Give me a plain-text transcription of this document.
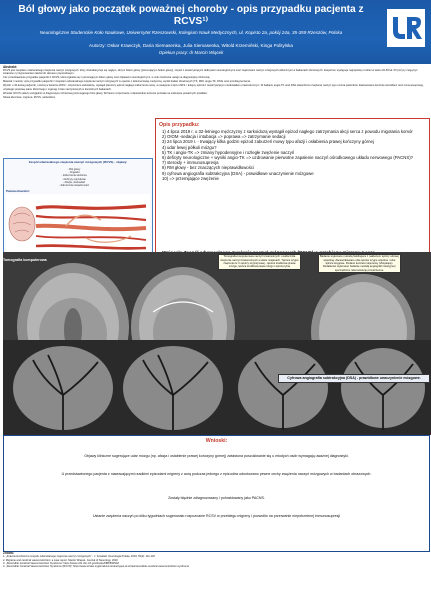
Ból głowy jako początek poważnej choroby - opis przypadku pacjenta z RCVS¹⁾
Neurologiczne Studenckie Koło Naukowe, Uniwersytet Rzeszowski, Kolegium Nauk Medycznych, ul. Kopisto 2a, pokój 24a, 35-359 Rzeszów, Polska
Autorzy: Oskar Krawczyk, Daria Siemasenka, Julia Siemasenka, Witold Krzemiński, Kinga Politylska
Opiekun pracy: dr Marcin Wiącek
Abstrakt:

RCVS jest zespołem odwracalnego zwężenia naczyń mózgowych, który charakteryzuje się nagłym, silnym bólem głowy (piorunującym bólem głowy), często z towarzyszącymi deficytami neurologicznymi oraz zwężeniami naczyń mózgowych widocznymi w badaniach obrazowych. Zespół ten występuje najczęściej u kobiet w wieku 20-50 lat. Przyczyny mogą być związane z przyjmowaniem leków lub okresem poporodowym.

Cel: przedstawienie przypadku pacjentki z RCVS, która zgłosiła się z piorunującym bólem głowy oraz objawami neurologicznymi, w celu zwrócenia uwagi na diagnostykę różnicową.

Materiał i metody: opis przypadku pacjentki z zespołem odwracalnego zwężenia naczyń mózgowych w oparciu o dokumentację medyczną, wyniki badań obrazowych (TK, MRI, angio-TK, DSA) oraz przebieg leczenia.

Wyniki: u 32-letniej pacjentki, u której w kwietniu 2019 r. rozpoznano sarkoidozę, wystąpił pierwszy epizod nagłego zaburzenia mowy, a następnie w lipcu 2019 r. kolejny epizod z towarzyszącym niedowładem prawostronnym. W badaniu angio-TK oraz DSA stwierdzono zwężenia naczyń typu sznura paciorków. Zastosowano leczenie steroidami oraz immunosupresją, uzyskując poprawę stanu klinicznego i regresję zmian naczyniowych w kontrolnych badaniach.

Wnioski: RCVS należy uwzględnić w diagnostyce różnicowej piorunującego bólu głowy. Wczesne rozpoznanie i odpowiednie leczenie pozwala na uniknięcie poważnych powikłań.

Słowa kluczowe: migrena, RCVS, sarkoidoza

Zespół odwracalnego zwężenia naczyń mózgowych (RCVS) - objawy:
- Ból głowy
- Drgawki
- Zaburzenia widzenia
- Deficyty ogniskowe
- Afazja, niedowład
- Zaburzenia świadomości
Patomechanizm:
Opis przypadku:
1) 4 lipca 2019 r. u 32-letniego mężczyzny z sarkoidozą wystąpił epizod nagłego zatrzymania akcji serca z powodu migotania komór
2) OIOM -sedacja i intubacja => poprawa => zatrzymanie sedacji
3) 24 lipca 2019 r. - trwający kilka godzin epizod zaburzeń mowy typu afazji i osłabienia prawej kończyny górnej
4) udar lewej półkuli mózgu?
5) TK i angio-TK => zmiany hypodensyjne i rozległe zwężenie naczyń
6) deficyty neurologiczne + wyniki angio-TK => uzdrowanie pierwotne zapalenie naczyń ośrodkowego układu nerwowego (PACNS)?
7) steroidy + immunosupresja
8) RM głowy - bez znaczących nieprawidłowości
9) cyfrowa angiografia subtrakcyjna (DSA) - prawidłowe unaczynienie mózgowe
10) => przemijające zwężenie
Tomografia komputerowa
Tomografia komputerowa naczyń krwionośnych: uwidoczniła zwężenie naczyń krwionośnych w wielu miejscach. Tętnice szyjne zwężenie kr in tętnicy szyjnej lewej - tętnica środkowa prawa mózgu, tętnica środkowa lewa mózgu i tętnica tylna
Badanie wykonano metodą Seldingera z nakłuciem tętnicy udowej wspólnej. Zacewnikowano obie tętnice szyjne wspólne i obie tętnice kręgowe. Podano kontrast niejonowy (Visipaque). Dodatkowo wykonano badanie metodą angiografii rotacyjnej i sporządzono rekonstrukcje przestrzenne.
Cyfrowa angiografia subtrakcyjna (DSA) - prawidłowe unaczynienie mózgowe.
Wnioski:

Objawy kliniczne sugerujące udar mózgu (np. afazja i osłabienie prawej kończyny górnej) zwiastuna poszukiwanie się u młodych osób wymagają uważnej diagnostyki.

U przedstawionego pacjenta z nawracającymi rzadkimi epizodami migreny z aurą podczas jednego z epizodów odnotowano pewne cechy zwężenia naczyń mózgowych w badaniach obrazowych.

Zostały błędnie zdiagnozowany i pohraktowany jako PACNS.

Ustanie zwężenia naczyń po kilku tygodniach sugerowało rozpoznanie RCSV w przebiegu migreny i pozwoliło na przerwanie niepotrzebnej immunosupresji

Źródła:

1. „Znaczenie kliniczne zespołu odwracalnego zwężenia naczyń mózgowych” - J. Kowalski, Neurologia Polska, 2019; 53(2): 112-120

2. Migraine and cerebral vasoconstriction: a case report. Marcin Wiącek, Journal of Neurology, 2020

3. „Reversible Cerebral Vasoconstriction Syndrome” https://www.ncbi.nlm.nih.gov/books/NBK560542/

4. „Reversible Cerebral Vasoconstriction Syndrome (RCVS)” https://www.stroke.org/en/about-stroke/types-of-stroke/reversible-cerebral-vasoconstriction-syndrome
